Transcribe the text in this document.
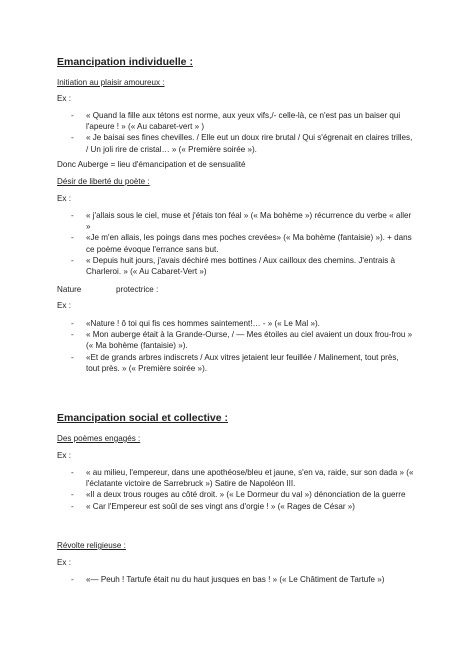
Emancipation individuelle :
Initiation au plaisir amoureux :
Ex :
- « Quand la fille aux tétons est norme, aux yeux vifs,/- celle-là, ce n'est pas un baiser qui l'apeure ! » (« Au cabaret-vert » )
- « Je baisai ses fines chevilles. / Elle eut un doux rire brutal / Qui s'égrenait en claires trilles, / Un joli rire de cristal… » (« Première soirée »).
Donc Auberge = lieu d'émancipation et de sensualité
Désir de liberté du poète :
Ex :
- « j'allais sous le ciel, muse et j'étais ton féal » (« Ma bohème ») récurrence du verbe « aller »
- «Je m'en allais, les poings dans mes poches crevées» (« Ma bohème (fantaisie) »). + dans ce poème évoque l'errance sans but.
- « Depuis huit jours, j'avais déchiré mes bottines / Aux cailloux des chemins. J'entrais à Charleroi. » (« Au Cabaret-Vert »)
Nature	protectrice :
Ex :
- «Nature ! ô toi qui fis ces hommes saintement!… - » (« Le Mal »).
- « Mon auberge était à la Grande-Ourse, / — Mes étoiles au ciel avaient un doux frou-frou » (« Ma bohème (fantaisie) »).
- «Et de grands arbres indiscrets / Aux vitres jetaient leur feuillée / Malinement, tout près, tout près. » (« Première soirée »).
Emancipation social et collective :
Des poèmes engagés :
Ex :
- « au milieu, l'empereur, dans une apothéose/bleu et jaune, s'en va, raide, sur son dada » (« l'éclatante victoire de Sarrebruck ») Satire de Napoléon III.
- «Il a deux trous rouges au côté droit. » (« Le Dormeur du val ») dénonciation de la guerre
- « Car l'Empereur est soûl de ses vingt ans d'orgie ! » (« Rages de César »)
Révolte religieuse :
Ex :
- «— Peuh ! Tartufe était nu du haut jusques en bas ! » (« Le Châtiment de Tartufe »)
